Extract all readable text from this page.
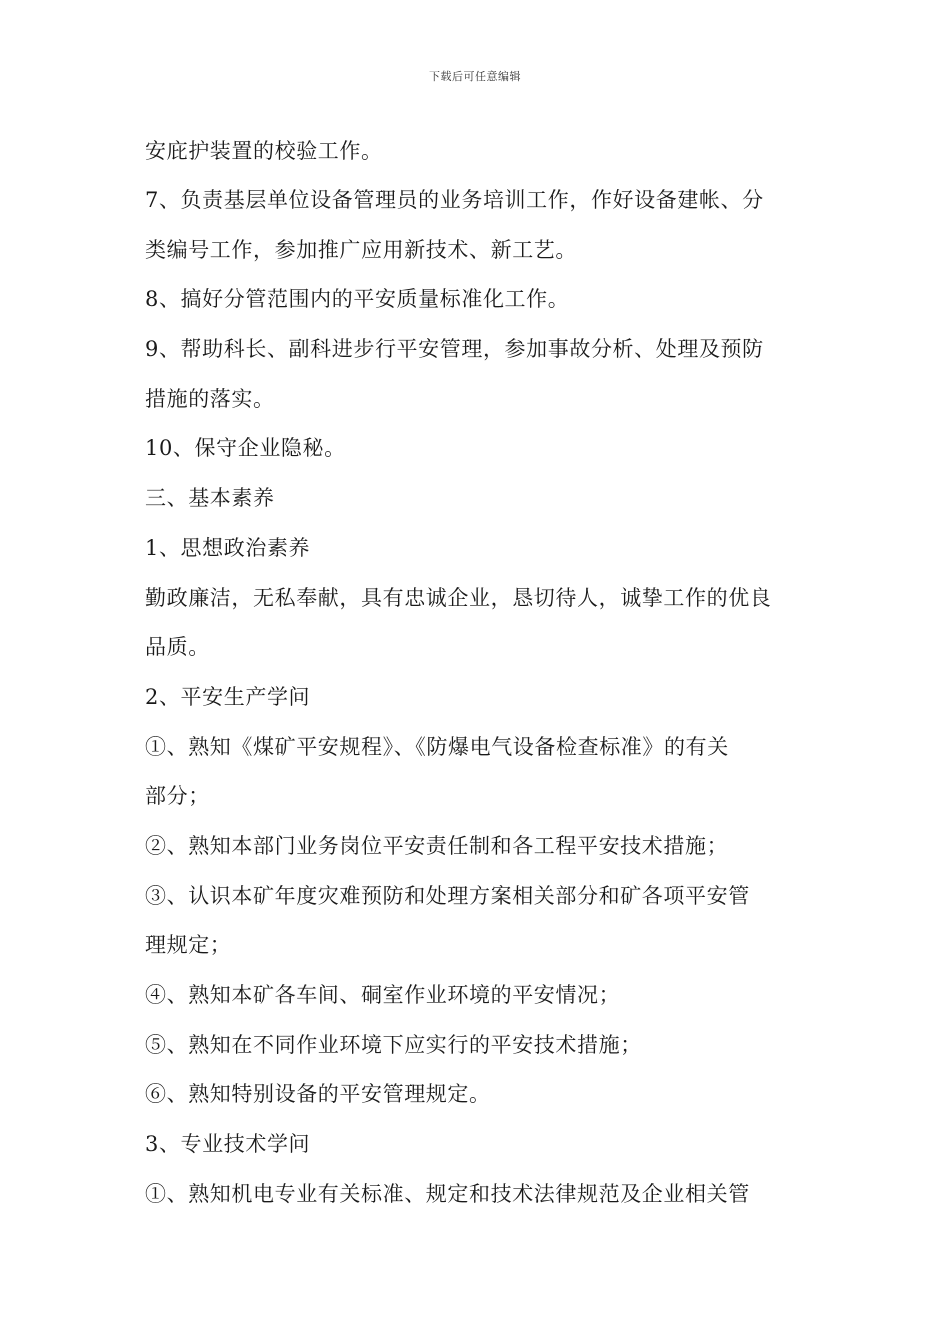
下载后可任意编辑
安庇护装置的校验工作。
7、负责基层单位设备管理员的业务培训工作，作好设备建帐、分
类编号工作，参加推广应用新技术、新工艺。
8、搞好分管范围内的平安质量标准化工作。
9、帮助科长、副科进步行平安管理，参加事故分析、处理及预防
措施的落实。
10、保守企业隐秘。
三、基本素养
1、思想政治素养
勤政廉洁，无私奉献，具有忠诚企业，恳切待人，诚挚工作的优良
品质。
2、平安生产学问
①、熟知《煤矿平安规程》、《防爆电气设备检查标准》的有关
部分；
②、熟知本部门业务岗位平安责任制和各工程平安技术措施；
③、认识本矿年度灾难预防和处理方案相关部分和矿各项平安管
理规定；
④、熟知本矿各车间、硐室作业环境的平安情况；
⑤、熟知在不同作业环境下应实行的平安技术措施；
⑥、熟知特别设备的平安管理规定。
3、专业技术学问
①、熟知机电专业有关标准、规定和技术法律规范及企业相关管
